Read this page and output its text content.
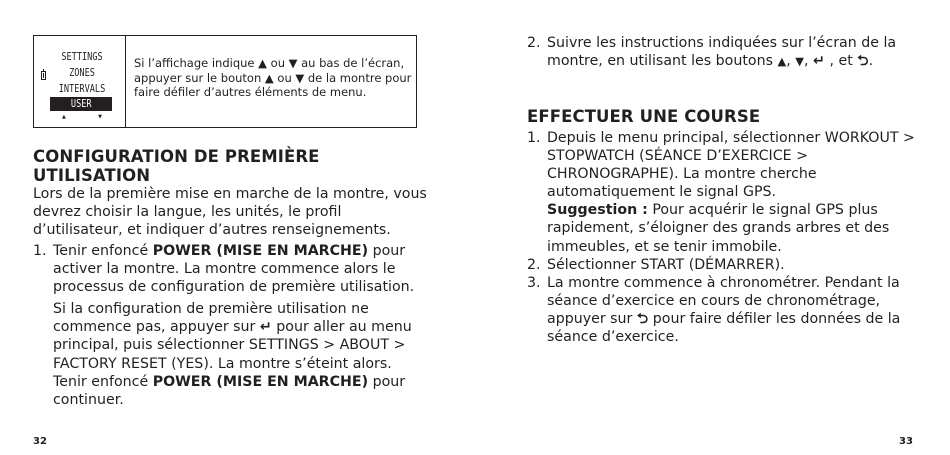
SETTINGS
ZONES
INTERVALS
USER
▲	▼
Si l’affichage indique ▲ ou ▼ au bas de l’écran, appuyer sur le bouton ▲ ou ▼ de la montre pour faire défiler d’autres éléments de menu.
CONFIGURATION DE PREMIÈRE UTILISATION
Lors de la première mise en marche de la montre, vous devrez choisir la langue, les unités, le profil d’utilisateur, et indiquer d’autres renseignements.
1. Tenir enfoncé POWER (MISE EN MARCHE) pour activer la montre. La montre commence alors le processus de configuration de première utilisation.
Si la configuration de première utilisation ne commence pas, appuyer sur ↵ pour aller au menu principal, puis sélectionner SETTINGS > ABOUT > FACTORY RESET (YES). La montre s’éteint alors. Tenir enfoncé POWER (MISE EN MARCHE) pour continuer.
32
2. Suivre les instructions indiquées sur l’écran de la montre, en utilisant les boutons ▲, ▼, ↵ , et ⮌.
EFFECTUER UNE COURSE
1. Depuis le menu principal, sélectionner WORKOUT > STOPWATCH (SÉANCE D’EXERCICE > CHRONOGRAPHE). La montre cherche automatiquement le signal GPS.
Suggestion : Pour acquérir le signal GPS plus rapidement, s’éloigner des grands arbres et des immeubles, et se tenir immobile.
2. Sélectionner START (DÉMARRER).
3. La montre commence à chronométrer. Pendant la séance d’exercice en cours de chronométrage, appuyer sur ⮌ pour faire défiler les données de la séance d’exercice.
33
